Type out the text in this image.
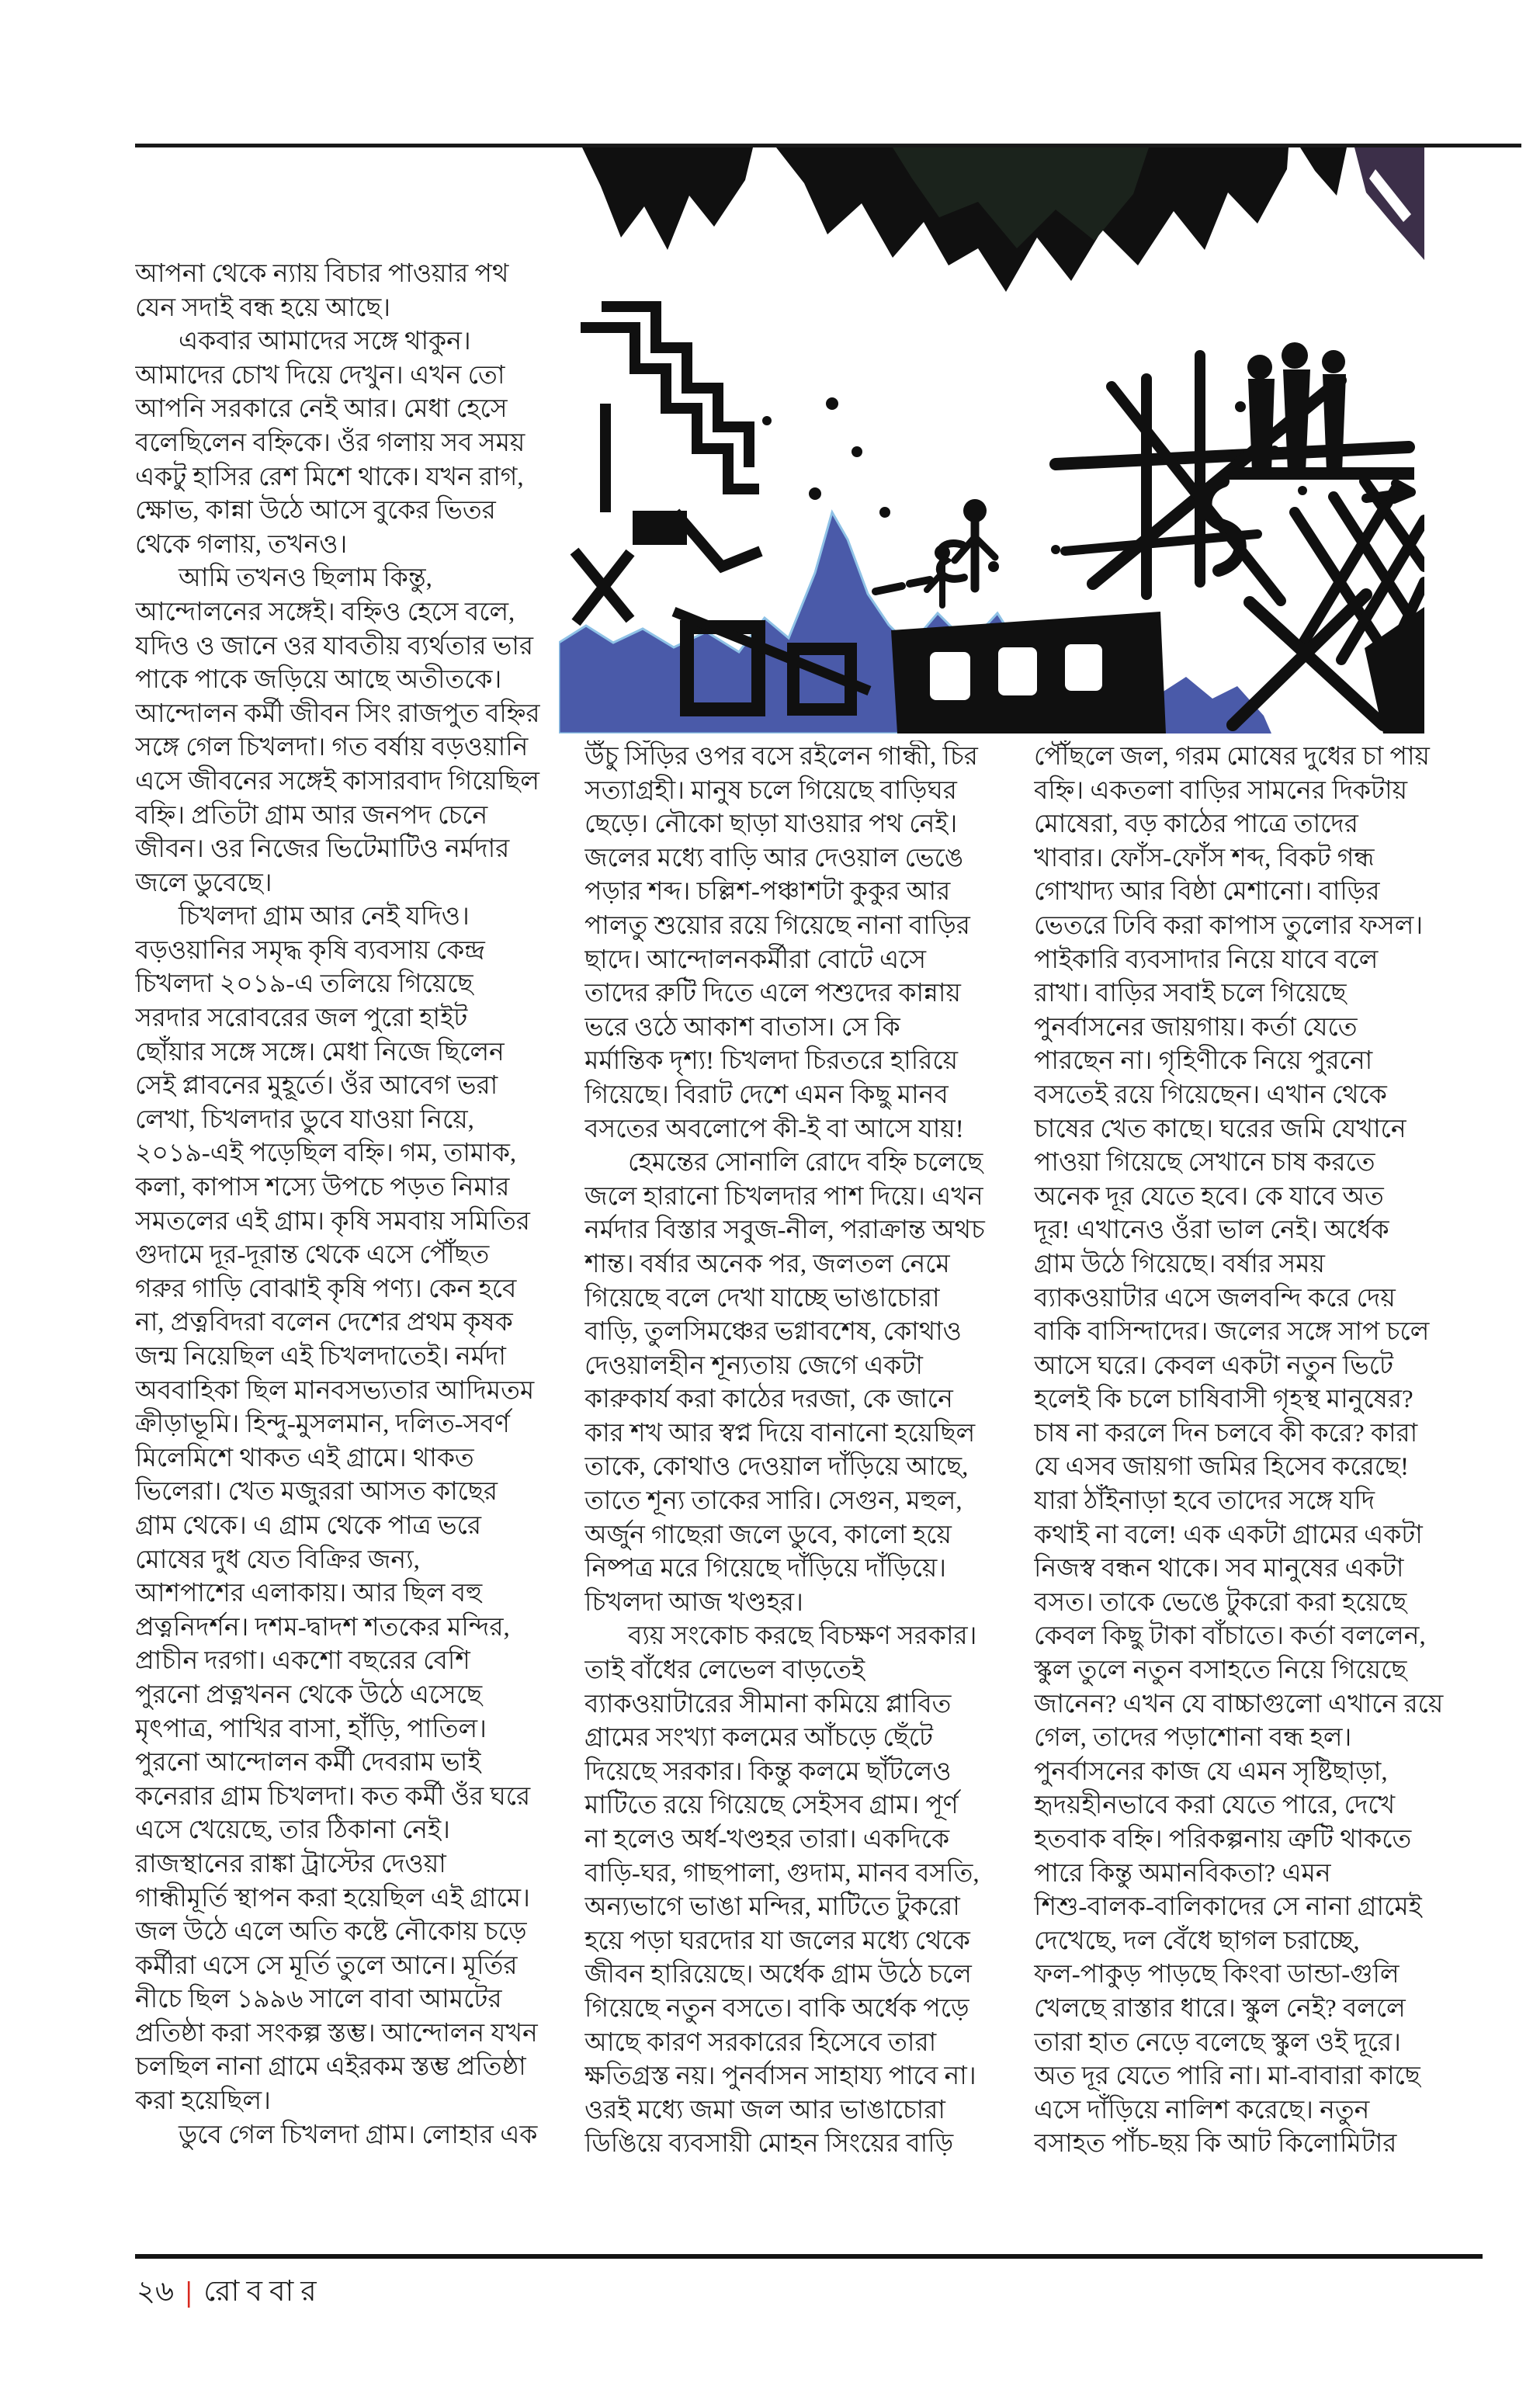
আপনা থেকে ন্যায় বিচার পাওয়ার পথ
যেন সদাই বন্ধ হয়ে আছে।
একবার আমাদের সঙ্গে থাকুন।
আমাদের চোখ দিয়ে দেখুন। এখন তো
আপনি সরকারে নেই আর। মেধা হেসে
বলেছিলেন বহ্নিকে। ওঁর গলায় সব সময়
একটু হাসির রেশ মিশে থাকে। যখন রাগ,
ক্ষোভ, কান্না উঠে আসে বুকের ভিতর
থেকে গলায়, তখনও।
আমি তখনও ছিলাম কিন্তু,
আন্দোলনের সঙ্গেই। বহ্নিও হেসে বলে,
যদিও ও জানে ওর যাবতীয় ব্যর্থতার ভার
পাকে পাকে জড়িয়ে আছে অতীতকে।
আন্দোলন কর্মী জীবন সিং রাজপুত বহ্নির
সঙ্গে গেল চিখলদা। গত বর্ষায় বড়ওয়ানি
এসে জীবনের সঙ্গেই কাসারবাদ গিয়েছিল
বহ্নি। প্রতিটা গ্রাম আর জনপদ চেনে
জীবন। ওর নিজের ভিটেমাটিও নর্মদার
জলে ডুবেছে।
চিখলদা গ্রাম আর নেই যদিও।
বড়ওয়ানির সমৃদ্ধ কৃষি ব্যবসায় কেন্দ্র
চিখলদা ২০১৯-এ তলিয়ে গিয়েছে
সরদার সরোবরের জল পুরো হাইট
ছোঁয়ার সঙ্গে সঙ্গে। মেধা নিজে ছিলেন
সেই প্লাবনের মুহূর্তে। ওঁর আবেগ ভরা
লেখা, চিখলদার ডুবে যাওয়া নিয়ে,
২০১৯-এই পড়েছিল বহ্নি। গম, তামাক,
কলা, কাপাস শস্যে উপচে পড়ত নিমার
সমতলের এই গ্রাম। কৃষি সমবায় সমিতির
গুদামে দূর-দূরান্ত থেকে এসে পৌঁছত
গরুর গাড়ি বোঝাই কৃষি পণ্য। কেন হবে
না, প্রত্নবিদরা বলেন দেশের প্রথম কৃষক
জন্ম নিয়েছিল এই চিখলদাতেই। নর্মদা
অববাহিকা ছিল মানবসভ্যতার আদিমতম
ক্রীড়াভূমি। হিন্দু-মুসলমান, দলিত-সবর্ণ
মিলেমিশে থাকত এই গ্রামে। থাকত
ভিলেরা। খেত মজুররা আসত কাছের
গ্রাম থেকে। এ গ্রাম থেকে পাত্র ভরে
মোষের দুধ যেত বিক্রির জন্য,
আশপাশের এলাকায়। আর ছিল বহু
প্রত্ননিদর্শন। দশম-দ্বাদশ শতকের মন্দির,
প্রাচীন দরগা। একশো বছরের বেশি
পুরনো প্রত্নখনন থেকে উঠে এসেছে
মৃৎপাত্র, পাখির বাসা, হাঁড়ি, পাতিল।
পুরনো আন্দোলন কর্মী দেবরাম ভাই
কনেরার গ্রাম চিখলদা। কত কর্মী ওঁর ঘরে
এসে খেয়েছে, তার ঠিকানা নেই।
রাজস্থানের রাঙ্কা ট্রাস্টের দেওয়া
গান্ধীমূর্তি স্থাপন করা হয়েছিল এই গ্রামে।
জল উঠে এলে অতি কষ্টে নৌকোয় চড়ে
কর্মীরা এসে সে মূর্তি তুলে আনে। মূর্তির
নীচে ছিল ১৯৯৬ সালে বাবা আমটের
প্রতিষ্ঠা করা সংকল্প স্তম্ভ। আন্দোলন যখন
চলছিল নানা গ্রামে এইরকম স্তম্ভ প্রতিষ্ঠা
করা হয়েছিল।
ডুবে গেল চিখলদা গ্রাম। লোহার এক
উঁচু সিঁড়ির ওপর বসে রইলেন গান্ধী, চির
সত্যাগ্রহী। মানুষ চলে গিয়েছে বাড়িঘর
ছেড়ে। নৌকো ছাড়া যাওয়ার পথ নেই।
জলের মধ্যে বাড়ি আর দেওয়াল ভেঙে
পড়ার শব্দ। চল্লিশ-পঞ্চাশটা কুকুর আর
পালতু শুয়োর রয়ে গিয়েছে নানা বাড়ির
ছাদে। আন্দোলনকর্মীরা বোটে এসে
তাদের রুটি দিতে এলে পশুদের কান্নায়
ভরে ওঠে আকাশ বাতাস। সে কি
মর্মান্তিক দৃশ্য! চিখলদা চিরতরে হারিয়ে
গিয়েছে। বিরাট দেশে এমন কিছু মানব
বসতের অবলোপে কী-ই বা আসে যায়!
হেমন্তের সোনালি রোদে বহ্নি চলেছে
জলে হারানো চিখলদার পাশ দিয়ে। এখন
নর্মদার বিস্তার সবুজ-নীল, পরাক্রান্ত অথচ
শান্ত। বর্ষার অনেক পর, জলতল নেমে
গিয়েছে বলে দেখা যাচ্ছে ভাঙাচোরা
বাড়ি, তুলসিমঞ্চের ভগ্নাবশেষ, কোথাও
দেওয়ালহীন শূন্যতায় জেগে একটা
কারুকার্য করা কাঠের দরজা, কে জানে
কার শখ আর স্বপ্ন দিয়ে বানানো হয়েছিল
তাকে, কোথাও দেওয়াল দাঁড়িয়ে আছে,
তাতে শূন্য তাকের সারি। সেগুন, মহুল,
অর্জুন গাছেরা জলে ডুবে, কালো হয়ে
নিষ্পত্র মরে গিয়েছে দাঁড়িয়ে দাঁড়িয়ে।
চিখলদা আজ খণ্ডহর।
ব্যয় সংকোচ করছে বিচক্ষণ সরকার।
তাই বাঁধের লেভেল বাড়তেই
ব্যাকওয়াটারের সীমানা কমিয়ে প্লাবিত
গ্রামের সংখ্যা কলমের আঁচড়ে ছেঁটে
দিয়েছে সরকার। কিন্তু কলমে ছাঁটলেও
মাটিতে রয়ে গিয়েছে সেইসব গ্রাম। পূর্ণ
না হলেও অর্ধ-খণ্ডহর তারা। একদিকে
বাড়ি-ঘর, গাছপালা, গুদাম, মানব বসতি,
অন্যভাগে ভাঙা মন্দির, মাটিতে টুকরো
হয়ে পড়া ঘরদোর যা জলের মধ্যে থেকে
জীবন হারিয়েছে। অর্ধেক গ্রাম উঠে চলে
গিয়েছে নতুন বসতে। বাকি অর্ধেক পড়ে
আছে কারণ সরকারের হিসেবে তারা
ক্ষতিগ্রস্ত নয়। পুনর্বাসন সাহায্য পাবে না।
ওরই মধ্যে জমা জল আর ভাঙাচোরা
ডিঙিয়ে ব্যবসায়ী মোহন সিংয়ের বাড়ি
পৌঁছলে জল, গরম মোষের দুধের চা পায়
বহ্নি। একতলা বাড়ির সামনের দিকটায়
মোষেরা, বড় কাঠের পাত্রে তাদের
খাবার। ফোঁস-ফোঁস শব্দ, বিকট গন্ধ
গোখাদ্য আর বিষ্ঠা মেশানো। বাড়ির
ভেতরে ঢিবি করা কাপাস তুলোর ফসল।
পাইকারি ব্যবসাদার নিয়ে যাবে বলে
রাখা। বাড়ির সবাই চলে গিয়েছে
পুনর্বাসনের জায়গায়। কর্তা যেতে
পারছেন না। গৃহিণীকে নিয়ে পুরনো
বসতেই রয়ে গিয়েছেন। এখান থেকে
চাষের খেত কাছে। ঘরের জমি যেখানে
পাওয়া গিয়েছে সেখানে চাষ করতে
অনেক দূর যেতে হবে। কে যাবে অত
দূর! এখানেও ওঁরা ভাল নেই। অর্ধেক
গ্রাম উঠে গিয়েছে। বর্ষার সময়
ব্যাকওয়াটার এসে জলবন্দি করে দেয়
বাকি বাসিন্দাদের। জলের সঙ্গে সাপ চলে
আসে ঘরে। কেবল একটা নতুন ভিটে
হলেই কি চলে চাষিবাসী গৃহস্থ মানুষের?
চাষ না করলে দিন চলবে কী করে? কারা
যে এসব জায়গা জমির হিসেব করেছে!
যারা ঠাঁইনাড়া হবে তাদের সঙ্গে যদি
কথাই না বলে! এক একটা গ্রামের একটা
নিজস্ব বন্ধন থাকে। সব মানুষের একটা
বসত। তাকে ভেঙে টুকরো করা হয়েছে
কেবল কিছু টাকা বাঁচাতে। কর্তা বললেন,
স্কুল তুলে নতুন বসাহতে নিয়ে গিয়েছে
জানেন? এখন যে বাচ্চাগুলো এখানে রয়ে
গেল, তাদের পড়াশোনা বন্ধ হল।
পুনর্বাসনের কাজ যে এমন সৃষ্টিছাড়া,
হৃদয়হীনভাবে করা যেতে পারে, দেখে
হতবাক বহ্নি। পরিকল্পনায় ত্রুটি থাকতে
পারে কিন্তু অমানবিকতা? এমন
শিশু-বালক-বালিকাদের সে নানা গ্রামেই
দেখেছে, দল বেঁধে ছাগল চরাচ্ছে,
ফল-পাকুড় পাড়ছে কিংবা ডান্ডা-গুলি
খেলছে রাস্তার ধারে। স্কুল নেই? বললে
তারা হাত নেড়ে বলেছে স্কুল ওই দূরে।
অত দূর যেতে পারি না। মা-বাবারা কাছে
এসে দাঁড়িয়ে নালিশ করেছে। নতুন
বসাহত পাঁচ-ছয় কি আট কিলোমিটার
২৬ | রোববার
